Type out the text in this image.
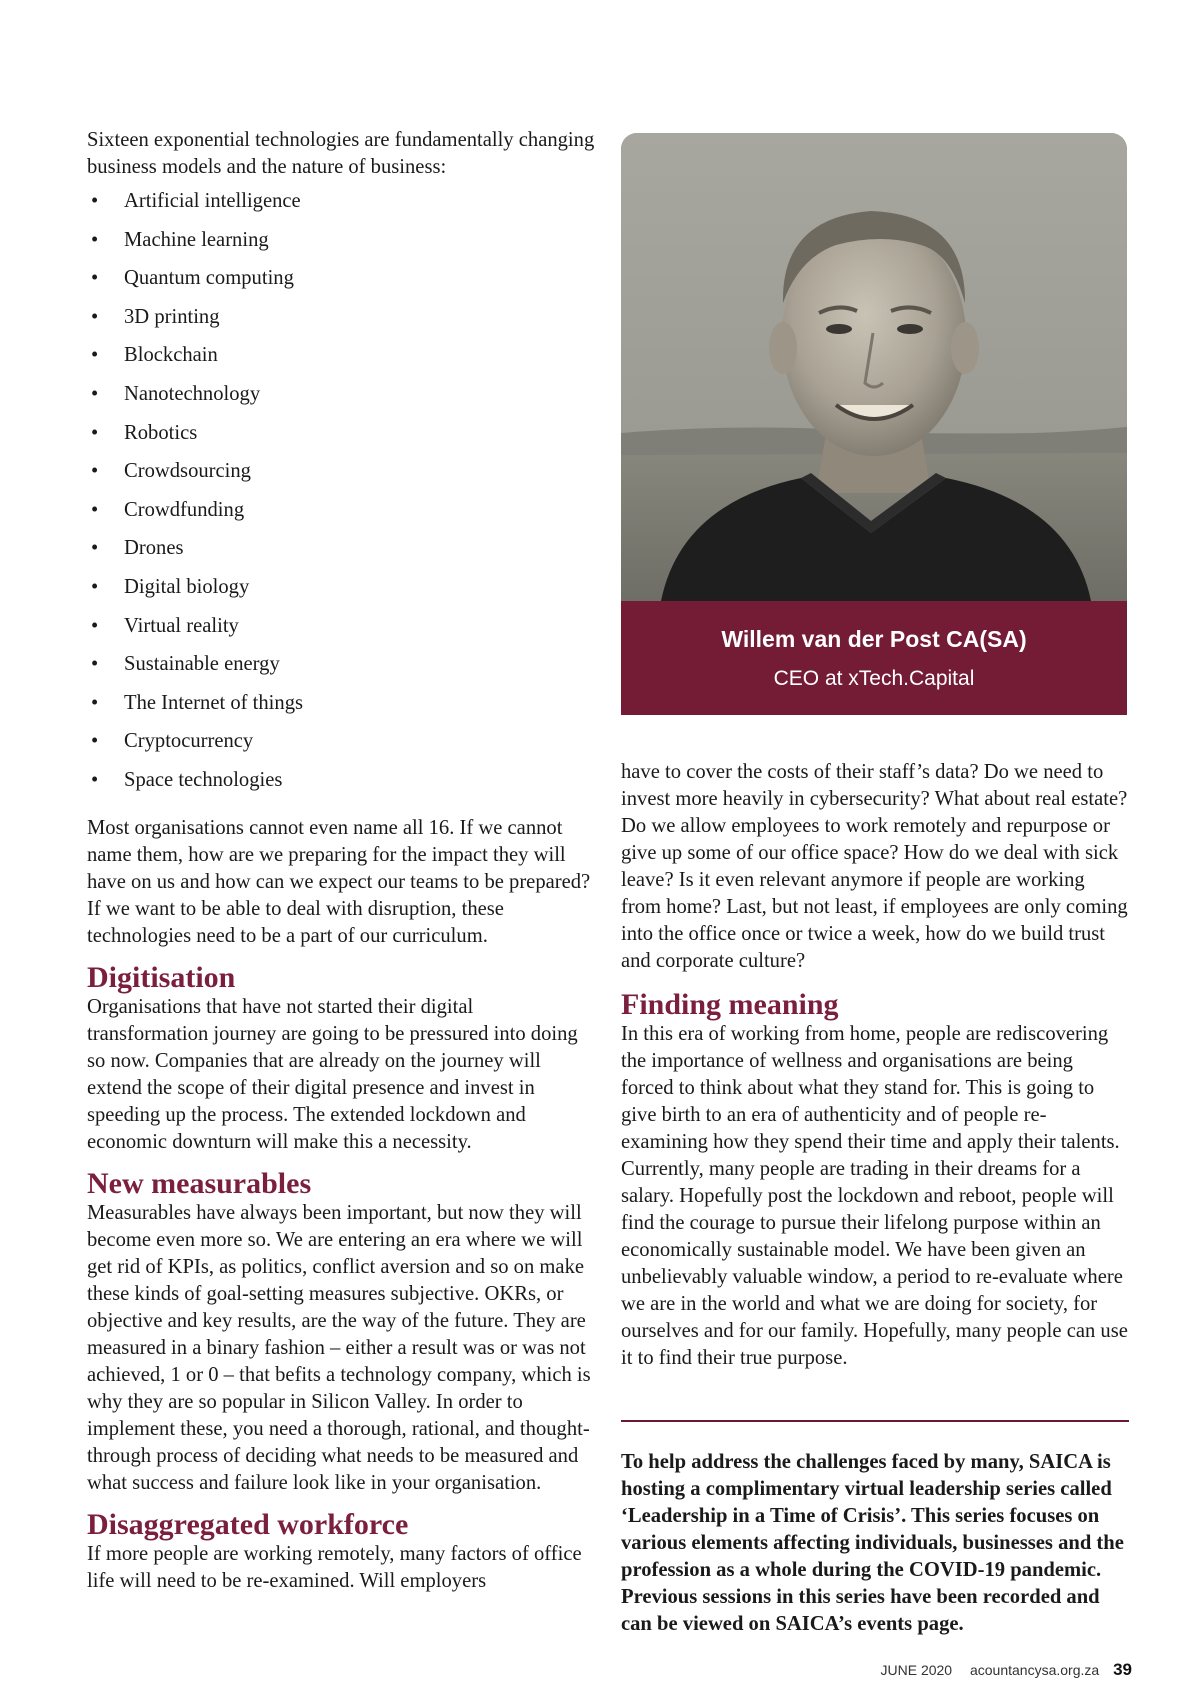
Sixteen exponential technologies are fundamentally changing business models and the nature of business:

• Artificial intelligence
• Machine learning
• Quantum computing
• 3D printing
• Blockchain
• Nanotechnology
• Robotics
• Crowdsourcing
• Crowdfunding
• Drones
• Digital biology
• Virtual reality
• Sustainable energy
• The Internet of things
• Cryptocurrency
• Space technologies

Most organisations cannot even name all 16. If we cannot name them, how are we preparing for the impact they will have on us and how can we expect our teams to be prepared? If we want to be able to deal with disruption, these technologies need to be a part of our curriculum.

Digitisation

Organisations that have not started their digital transformation journey are going to be pressured into doing so now. Companies that are already on the journey will extend the scope of their digital presence and invest in speeding up the process. The extended lockdown and economic downturn will make this a necessity.

New measurables

Measurables have always been important, but now they will become even more so. We are entering an era where we will get rid of KPIs, as politics, conflict aversion and so on make these kinds of goal-setting measures subjective. OKRs, or objective and key results, are the way of the future. They are measured in a binary fashion – either a result was or was not achieved, 1 or 0 – that befits a technology company, which is why they are so popular in Silicon Valley. In order to implement these, you need a thorough, rational, and thought-through process of deciding what needs to be measured and what success and failure look like in your organisation.

Disaggregated workforce

If more people are working remotely, many factors of office life will need to be re-examined. Will employers

Willem van der Post CA(SA)
CEO at xTech.Capital

have to cover the costs of their staff’s data? Do we need to invest more heavily in cybersecurity? What about real estate? Do we allow employees to work remotely and repurpose or give up some of our office space? How do we deal with sick leave? Is it even relevant anymore if people are working from home? Last, but not least, if employees are only coming into the office once or twice a week, how do we build trust and corporate culture?

Finding meaning

In this era of working from home, people are rediscovering the importance of wellness and organisations are being forced to think about what they stand for. This is going to give birth to an era of authenticity and of people re-examining how they spend their time and apply their talents. Currently, many people are trading in their dreams for a salary. Hopefully post the lockdown and reboot, people will find the courage to pursue their lifelong purpose within an economically sustainable model. We have been given an unbelievably valuable window, a period to re-evaluate where we are in the world and what we are doing for society, for ourselves and for our family. Hopefully, many people can use it to find their true purpose.

To help address the challenges faced by many, SAICA is hosting a complimentary virtual leadership series called ‘Leadership in a Time of Crisis’. This series focuses on various elements affecting individuals, businesses and the profession as a whole during the COVID-19 pandemic. Previous sessions in this series have been recorded and can be viewed on SAICA’s events page.

JUNE 2020 acountancysa.org.za 39
